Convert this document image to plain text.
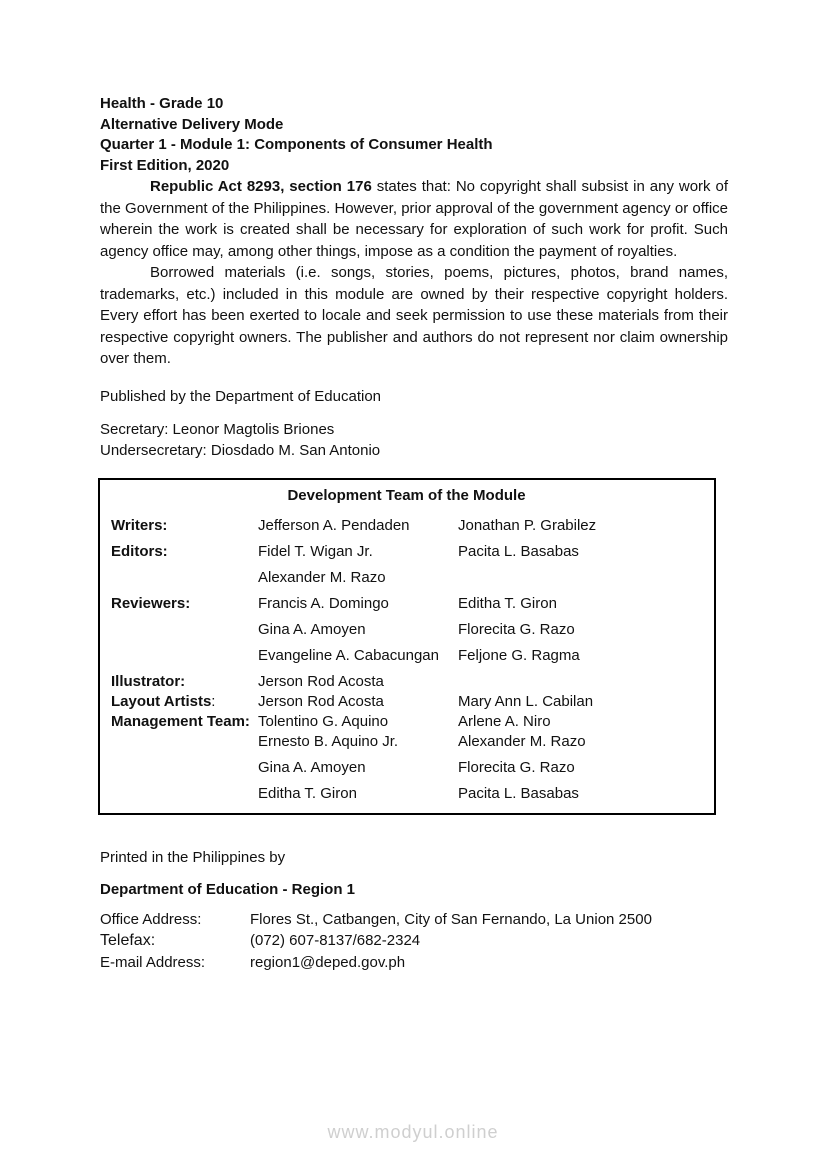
Health - Grade 10
Alternative Delivery Mode
Quarter 1 - Module 1: Components of Consumer Health
First Edition, 2020

Republic Act 8293, section 176 states that: No copyright shall subsist in any work of the Government of the Philippines. However, prior approval of the government agency or office wherein the work is created shall be necessary for exploration of such work for profit. Such agency office may, among other things, impose as a condition the payment of royalties.

Borrowed materials (i.e. songs, stories, poems, pictures, photos, brand names, trademarks, etc.) included in this module are owned by their respective copyright holders. Every effort has been exerted to locale and seek permission to use these materials from their respective copyright owners. The publisher and authors do not represent nor claim ownership over them.

Published by the Department of Education

Secretary: Leonor Magtolis Briones
Undersecretary: Diosdado M. San Antonio
Development Team of the Module
Writers:	Jefferson A. Pendaden	Jonathan P. Grabilez
Editors:	Fidel T. Wigan Jr.	Pacita L. Basabas
Alexander M. Razo
Reviewers:	Francis A. Domingo	Editha T. Giron
Gina A. Amoyen	Florecita G. Razo
Evangeline A. Cabacungan	Feljone G. Ragma
Illustrator:	Jerson Rod Acosta
Layout Artists:	Jerson Rod Acosta	Mary Ann L. Cabilan
Management Team: Tolentino G. Aquino	Arlene A. Niro
Ernesto B. Aquino Jr.	Alexander M. Razo
Gina A. Amoyen	Florecita G. Razo
Editha T. Giron	Pacita L. Basabas

Printed in the Philippines by

Department of Education - Region 1

Office Address:	Flores St., Catbangen, City of San Fernando, La Union 2500
Telefax:	(072) 607-8137/682-2324
E-mail Address:	region1@deped.gov.ph
www.modyul.online
